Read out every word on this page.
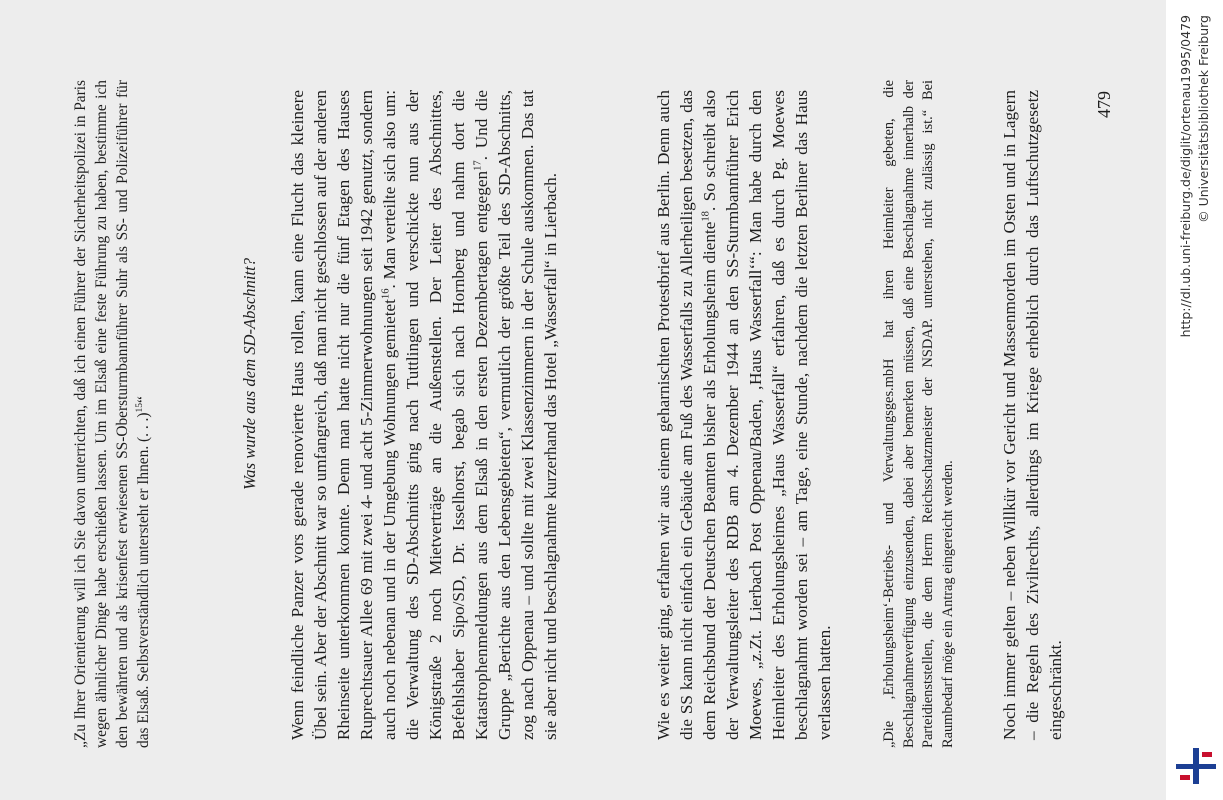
„Zu Ihrer Orientierung will ich Sie davon unterrichten, daß ich einen Führer der Sicherheitspolizei in Paris wegen ähnlicher Dinge habe erschießen lassen. Um im Elsaß eine feste Führung zu haben, bestimme ich den bewährten und als krisenfest erwiesenen SS-Obersturmbannführer Suhr als SS- und Polizeiführer für das Elsaß. Selbstverständlich untersteht er Ihnen. (. . .)$^{15}$“	Was wurde aus dem SD-Abschnitt? Wenn feindliche Panzer vors gerade renovierte Haus rollen, kann eine Flucht das kleinere Übel sein. Aber der Abschnitt war so umfangreich, daß man nicht geschlossen auf der anderen Rheinseite unterkommen konnte. Denn man hatte nicht nur die fünf Etagen des Hauses Ruprechtsauer Allee 69 mit zwei 4- und acht 5-Zimmerwohnungen seit 1942 genutzt, sondern auch noch nebenan und in der Umgebung Wohnungen gemietet$^{16}$. Man verteilte sich also um: die Verwaltung des SD-Abschnitts ging nach Tuttlingen und verschickte nun aus der Königstraße 2 noch Mietverträge an die Außenstellen. Der Leiter des Abschnittes, Befehlshaber Sipo/SD, Dr. Isselhorst, begab sich nach Hornberg und nahm dort die Katastrophenmeldungen aus dem Elsaß in den ersten Dezembertagen entgegen$^{17}$. Und die Gruppe „Berichte aus den Lebensgebieten“, vermutlich der größte Teil des SD-Abschnitts, zog nach Oppenau – und sollte mit zwei Klassenzimmern in der Schule auskommen. Das tat sie aber nicht und beschlagnahmte kurzerhand das Hotel „Wasserfall“ in Lierbach.	Wie es weiter ging, erfahren wir aus einem geharnischten Protestbrief aus Berlin. Denn auch die SS kann nicht einfach ein Gebäude am Fuß des Wasserfalls zu Allerheiligen besetzen, das dem Reichsbund der Deutschen Beamten bisher als Erholungsheim diente$^{18}$. So schreibt also der Verwaltungsleiter des RDB am 4. Dezember 1944 an den SS-Sturmbannführer Erich Moewes, „z.Zt. Lierbach Post Oppenau/Baden, ‚Haus Wasserfall‘“: Man habe durch den Heimleiter des Erholungsheimes „Haus Wasserfall“ erfahren, daß es durch Pg. Moewes beschlagnahmt worden sei – am Tage, eine Stunde, nachdem die letzten Berliner das Haus verlassen hatten.	„Die ‚Erholungsheim‘-Betriebs- und Verwaltungsges.mbH hat ihren Heimleiter gebeten, die Beschlagnahmeverfügung einzusenden, dabei aber bemerken müssen, daß eine Beschlagnahme innerhalb der Parteidienststellen, die dem Herrn Reichsschatzmeister der NSDAP. unterstehen, nicht zulässig ist.“ Bei Raumbedarf möge ein Antrag eingereicht werden.	Noch immer gelten – neben Willkür vor Gericht und Massenmorden im Osten und in Lagern – die Regeln des Zivilrechts, allerdings im Kriege erheblich durch das Luftschutzgesetz eingeschränkt.

479	http://dl.ub.uni-freiburg.de/diglit/ortenau1995/0479 © Universitätsbibliothek Freiburg
